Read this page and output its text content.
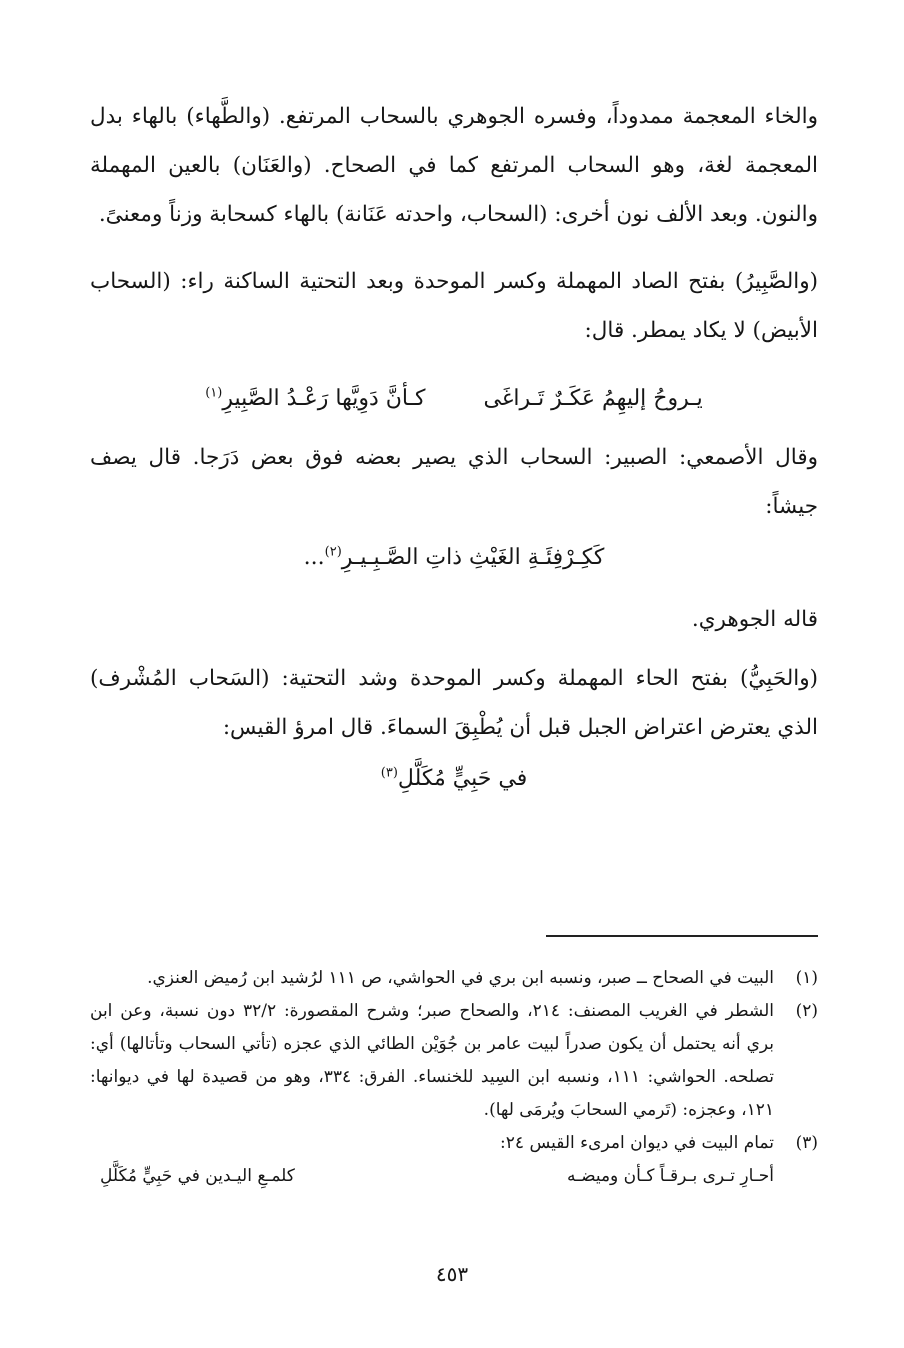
والخاء المعجمة ممدوداً، وفسره الجوهري بالسحاب المرتفع. (والطَّهاء) بالهاء بدل المعجمة لغة، وهو السحاب المرتفع كما في الصحاح. (والعَنَان) بالعين المهملة والنون. وبعد الألف نون أخرى: (السحاب، واحدته عَنَانة) بالهاء كسحابة وزناً ومعنىً.

(والصَّبِيرُ) بفتح الصاد المهملة وكسر الموحدة وبعد التحتية الساكنة راء: (السحاب الأبيض) لا يكاد يمطر. قال:

يـروحُ إليهِمُ عَكَـرٌ تَـراغَى
كـأنَّ دَوِيَّها رَعْـدُ الصَّبِيرِ$^{(١)}$

وقال الأصمعي: الصبير: السحاب الذي يصير بعضه فوق بعض دَرَجا. قال يصف جيشاً:

كَكِـرْفِئَـةِ الغَيْثِ ذاتِ الصَّـبِـيـرِ$^{(٢)}$...

قاله الجوهري.

(والحَبِيُّ) بفتح الحاء المهملة وكسر الموحدة وشد التحتية: (السَحاب المُشْرف) الذي يعترض اعتراض الجبل قبل أن يُطْبِقَ السماءَ. قال امرؤ القيس:

في حَبِيٍّ مُكَلَّلِ$^{(٣)}$
(١)
البيت في الصحاح ــ صبر، ونسبه ابن بري في الحواشي، ص ١١١ لرُشيد ابن رُميض العنزي.
(٢)
الشطر في الغريب المصنف: ٢١٤، والصحاح صبر؛ وشرح المقصورة: ٣٢/٢ دون نسبة، وعن ابن بري أنه يحتمل أن يكون صدراً لبيت عامر بن جُوَيْن الطائي الذي عجزه (تأتي السحاب وتأتالها) أي: تصلحه. الحواشي: ١١١، ونسبه ابن السِيد للخنساء. الفرق: ٣٣٤، وهو من قصيدة لها في ديوانها: ١٢١، وعجزه: (تَرمي السحابَ ويُرمَى لها).
(٣)
تمام البيت في ديوان امرىء القيس ٢٤:
أحـارِ تـرى بـرقـاً كـأن وميضـه
كلمـعِ اليـدين في حَبِيٍّ مُكَلَّلِ
٤٥٣
